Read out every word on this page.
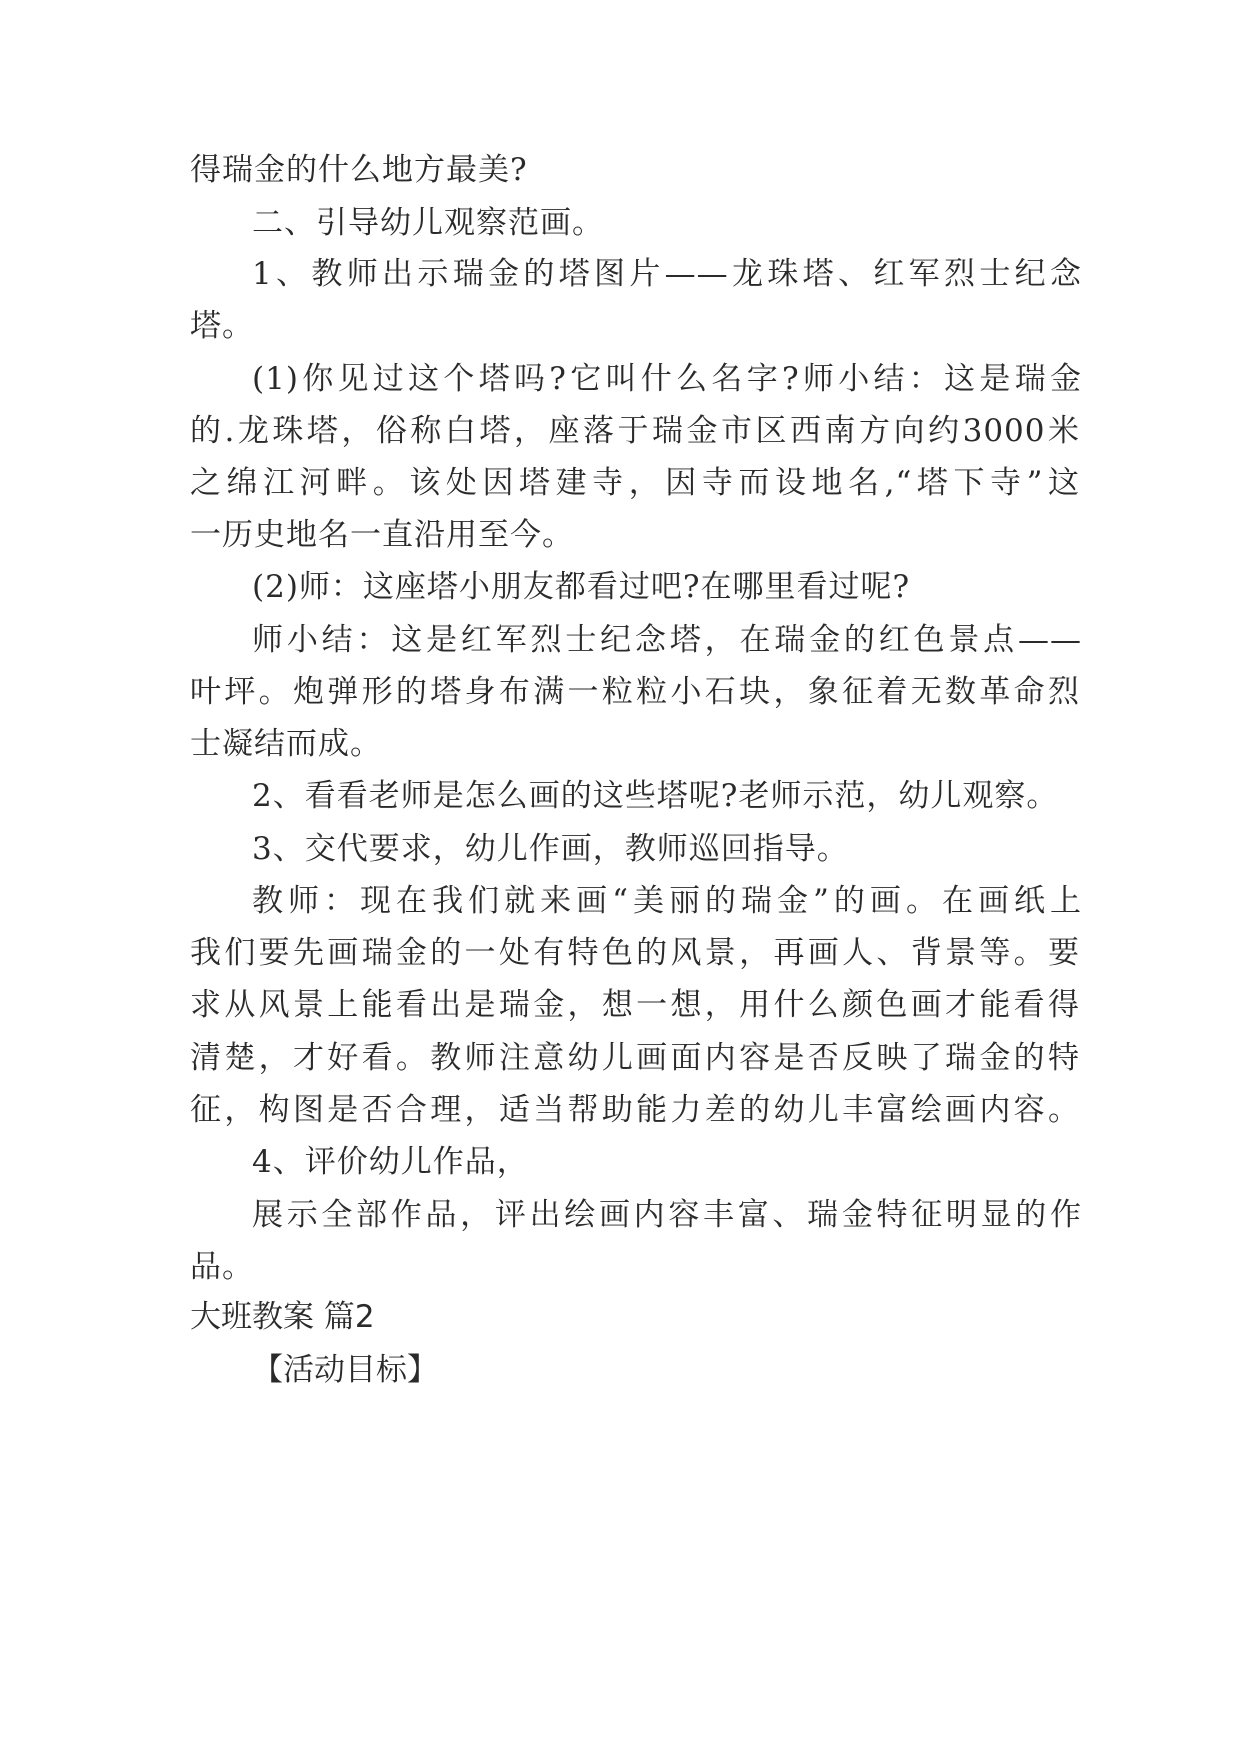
得瑞金的什么地方最美?
二、引导幼儿观察范画。
1、教师出示瑞金的塔图片——龙珠塔、红军烈士纪念
塔。
(1)你见过这个塔吗?它叫什么名字?师小结：这是瑞金
的.龙珠塔，俗称白塔，座落于瑞金市区西南方向约3000米
之绵江河畔。该处因塔建寺，因寺而设地名,“塔下寺”这
一历史地名一直沿用至今。
(2)师：这座塔小朋友都看过吧?在哪里看过呢?
师小结：这是红军烈士纪念塔，在瑞金的红色景点——
叶坪。炮弹形的塔身布满一粒粒小石块，象征着无数革命烈
士凝结而成。
2、看看老师是怎么画的这些塔呢?老师示范，幼儿观察。
3、交代要求，幼儿作画，教师巡回指导。
教师：现在我们就来画“美丽的瑞金”的画。在画纸上
我们要先画瑞金的一处有特色的风景，再画人、背景等。要
求从风景上能看出是瑞金，想一想，用什么颜色画才能看得
清楚，才好看。教师注意幼儿画面内容是否反映了瑞金的特
征，构图是否合理，适当帮助能力差的幼儿丰富绘画内容。
4、评价幼儿作品，
展示全部作品，评出绘画内容丰富、瑞金特征明显的作
品。
大班教案 篇2
【活动目标】
